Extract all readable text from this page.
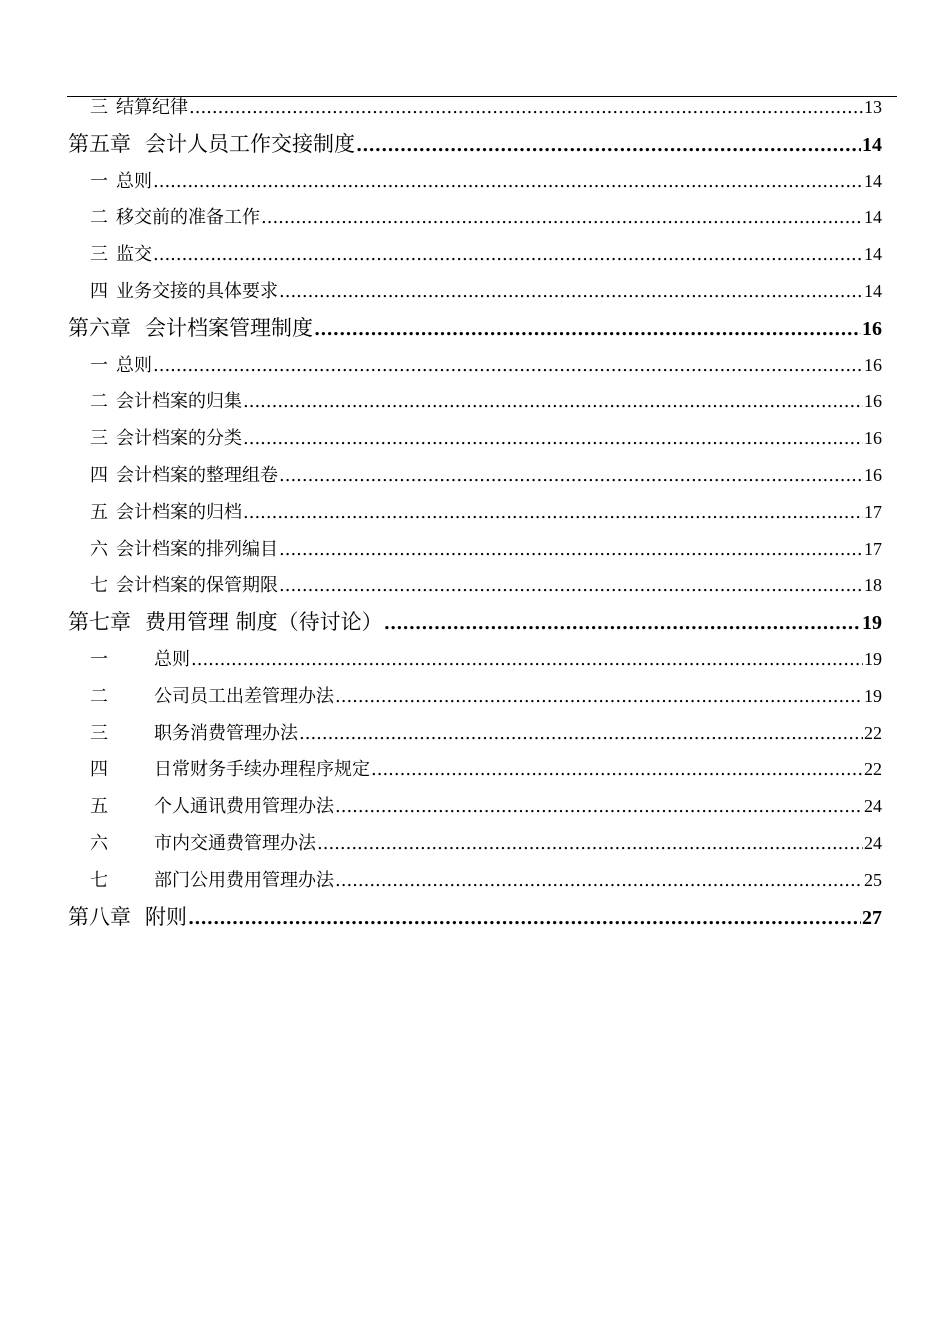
三 结算纪律 .....	13
第五章 会计人员工作交接制度 .....	14
一 总则 .....	14
二 移交前的准备工作 .....	14
三 监交 .....	14
四 业务交接的具体要求 .....	14
第六章 会计档案管理制度 .....	16
一 总则 .....	16
二 会计档案的归集 .....	16
三 会计档案的分类 .....	16
四 会计档案的整理组卷 .....	16
五 会计档案的归档 .....	17
六 会计档案的排列编目 .....	17
七 会计档案的保管期限 .....	18
第七章 费用管理 制度（待讨论） .....	19
一	总则 .....	19
二	公司员工出差管理办法 .....	19
三	职务消费管理办法 .....	22
四	日常财务手续办理程序规定 .....	22
五	个人通讯费用管理办法 .....	24
六	市内交通费管理办法 .....	24
七	部门公用费用管理办法 .....	25
第八章 附则 .....	27
